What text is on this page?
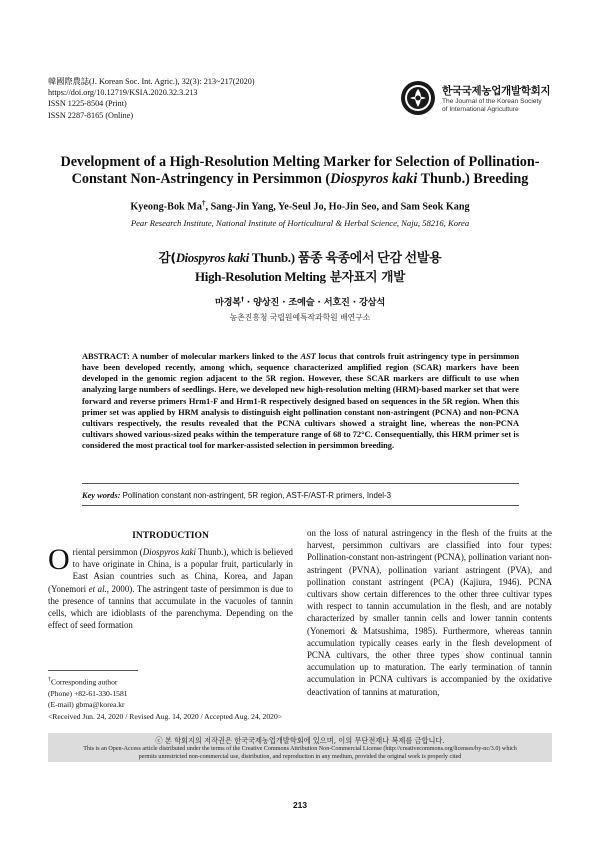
韓國際農誌(J. Korean Soc. Int. Agric.), 32(3): 213~217(2020)
https://doi.org/10.12719/KSIA.2020.32.3.213
ISSN 1225-8504 (Print)
ISSN 2287-8165 (Online)
한국국제농업개발학회지
The Journal of the Korean Society
of International Agriculture
Development of a High-Resolution Melting Marker for Selection of Pollination-
Constant Non-Astringency in Persimmon (Diospyros kaki Thunb.) Breeding
Kyeong-Bok Ma†, Sang-Jin Yang, Ye-Seul Jo, Ho-Jin Seo, and Sam Seok Kang
Pear Research Institute, National Institute of Horticultural & Herbal Science, Naju, 58216, Korea
감(Diospyros kaki Thunb.) 품종 육종에서 단감 선발용
High-Resolution Melting 분자표지 개발
마경복† · 양상진 · 조예슬 · 서호진 · 강삼석
농촌진흥청 국립원예특작과학원 배연구소
ABSTRACT: A number of molecular markers linked to the AST locus that controls fruit astringency type in persimmon have been developed recently, among which, sequence characterized amplified region (SCAR) markers have been developed in the genomic region adjacent to the 5R region. However, these SCAR markers are difficult to use when analyzing large numbers of seedlings. Here, we developed new high-resolution melting (HRM)-based marker set that were forward and reverse primers Hrm1-F and Hrm1-R respectively designed based on sequences in the 5R region. When this primer set was applied by HRM analysis to distinguish eight pollination constant non-astringent (PCNA) and non-PCNA cultivars respectively, the results revealed that the PCNA cultivars showed a straight line, whereas the non-PCNA cultivars showed various-sized peaks within the temperature range of 68 to 72°C. Consequentially, this HRM primer set is considered the most practical tool for marker-assisted selection in persimmon breeding.
Key words: Pollination constant non-astringent, 5R region, AST-F/AST-R primers, Indel-3
INTRODUCTION
Oriental persimmon (Diospyros kaki Thunb.), which is believed to have originate in China, is a popular fruit, particularly in East Asian countries such as China, Korea, and Japan (Yonemori et al., 2000). The astringent taste of persimmon is due to the presence of tannins that accumulate in the vacuoles of tannin cells, which are idioblasts of the parenchyma. Depending on the effect of seed formation
on the loss of natural astringency in the flesh of the fruits at the harvest, persimmon cultivars are classified into four types: Pollination-constant non-astringent (PCNA), pollination variant non-astringent (PVNA), pollination variant astringent (PVA), and pollination constant astringent (PCA) (Kajiura, 1946). PCNA cultivars show certain differences to the other three cultivar types with respect to tannin accumulation in the flesh, and are notably characterized by smaller tannin cells and lower tannin contents (Yonemori & Matsushima, 1985). Furthermore, whereas tannin accumulation typically ceases early in the flesh development of PCNA cultivars, the other three types show continual tannin accumulation up to maturation. The early termination of tannin accumulation in PCNA cultivars is accompanied by the oxidative deactivation of tannins at maturation,
†Corresponding author
(Phone) +82-61-330-1581
(E-mail) gbma@korea.kr
<Received Jun. 24, 2020 / Revised Aug. 14, 2020 / Accepted Aug. 24, 2020>
ⓒ 본 학회지의 저작권은 한국국제농업개발학회에 있으며, 이의 무단전재나 복제를 금합니다.
This is an Open-Access article distributed under the terms of the Creative Commons Attribution Non-Commercial License (http://creativecommons.org/licenses/by-nc/3.0) which
permits unrestricted non-commercial use, distribution, and reproduction in any medium, provided the original work is properly cited
213
